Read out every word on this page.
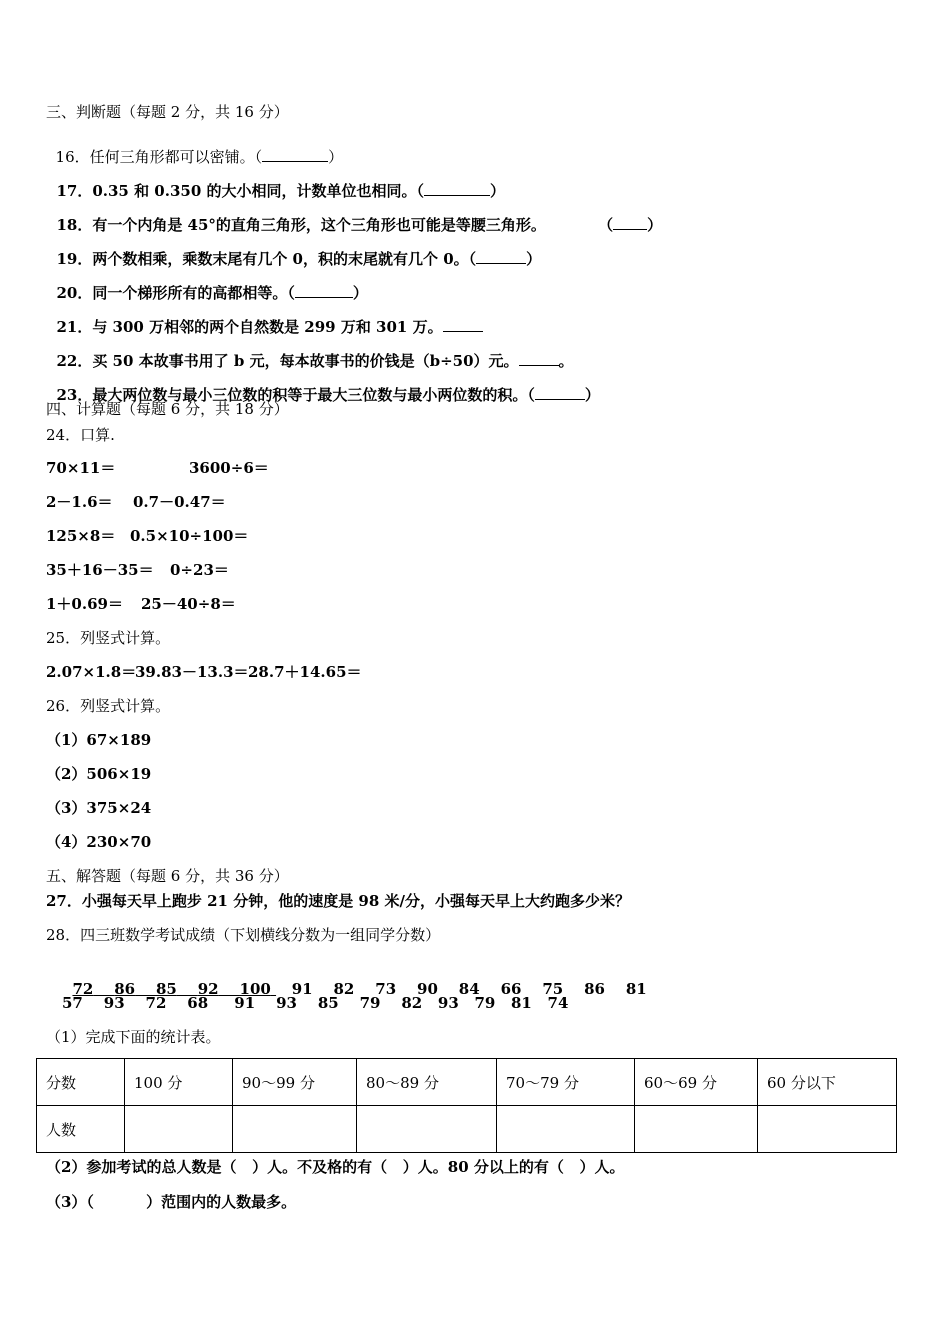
三、判断题（每题 2 分，共 16 分）

16．任何三角形都可以密铺。（	）

17．0.35 和 0.350 的大小相同，计数单位也相同。（	）

18．有一个内角是 45°的直角三角形，这个三角形也可能是等腰三角形。          （ ）

19．两个数相乘，乘数末尾有几个 0，积的末尾就有几个 0。（	）

20．同一个梯形所有的高都相等。（	）

21．与 300 万相邻的两个自然数是 299 万和 301 万。

22．买 50 本故事书用了 b 元，每本故事书的价钱是（b÷50）元。	。

23．最大两位数与最小三位数的积等于最大三位数与最小两位数的积。（	）

四、计算题（每题 6 分，共 18 分）
24．口算.
70×11＝	3600÷6＝
2－1.6＝ 0.7－0.47＝
125×8＝ 0.5×10÷100＝
35＋16－35＝ 0÷23＝
1＋0.69＝ 25－40÷8＝
25．列竖式计算。
2.07×1.8＝
39.83－13.3＝ 28.7＋14.65＝
26．列竖式计算。
（1）67×189
（2）506×19
（3）375×24
（4）230×70
五、解答题（每题 6 分，共 36 分）
27．小强每天早上跑步 21 分钟，他的速度是 98 米/分，小强每天早上大约跑多少米？
28．四三班数学考试成绩（下划横线分数为一组同学分数）

72 86 85 92 100 91 82 73 90 84 66 75 86 81

57 93 72 68 91 93 85 79 82 93 79 81 74
（1）完成下面的统计表。
分数	100 分	90～99 分	80～89 分	70～79 分	60～69 分	60 分以下
人数						
（2）参加考试的总人数是（   ）人。不及格的有（   ）人。80 分以上的有（   ）人。
（3）（          ）范围内的人数最多。
